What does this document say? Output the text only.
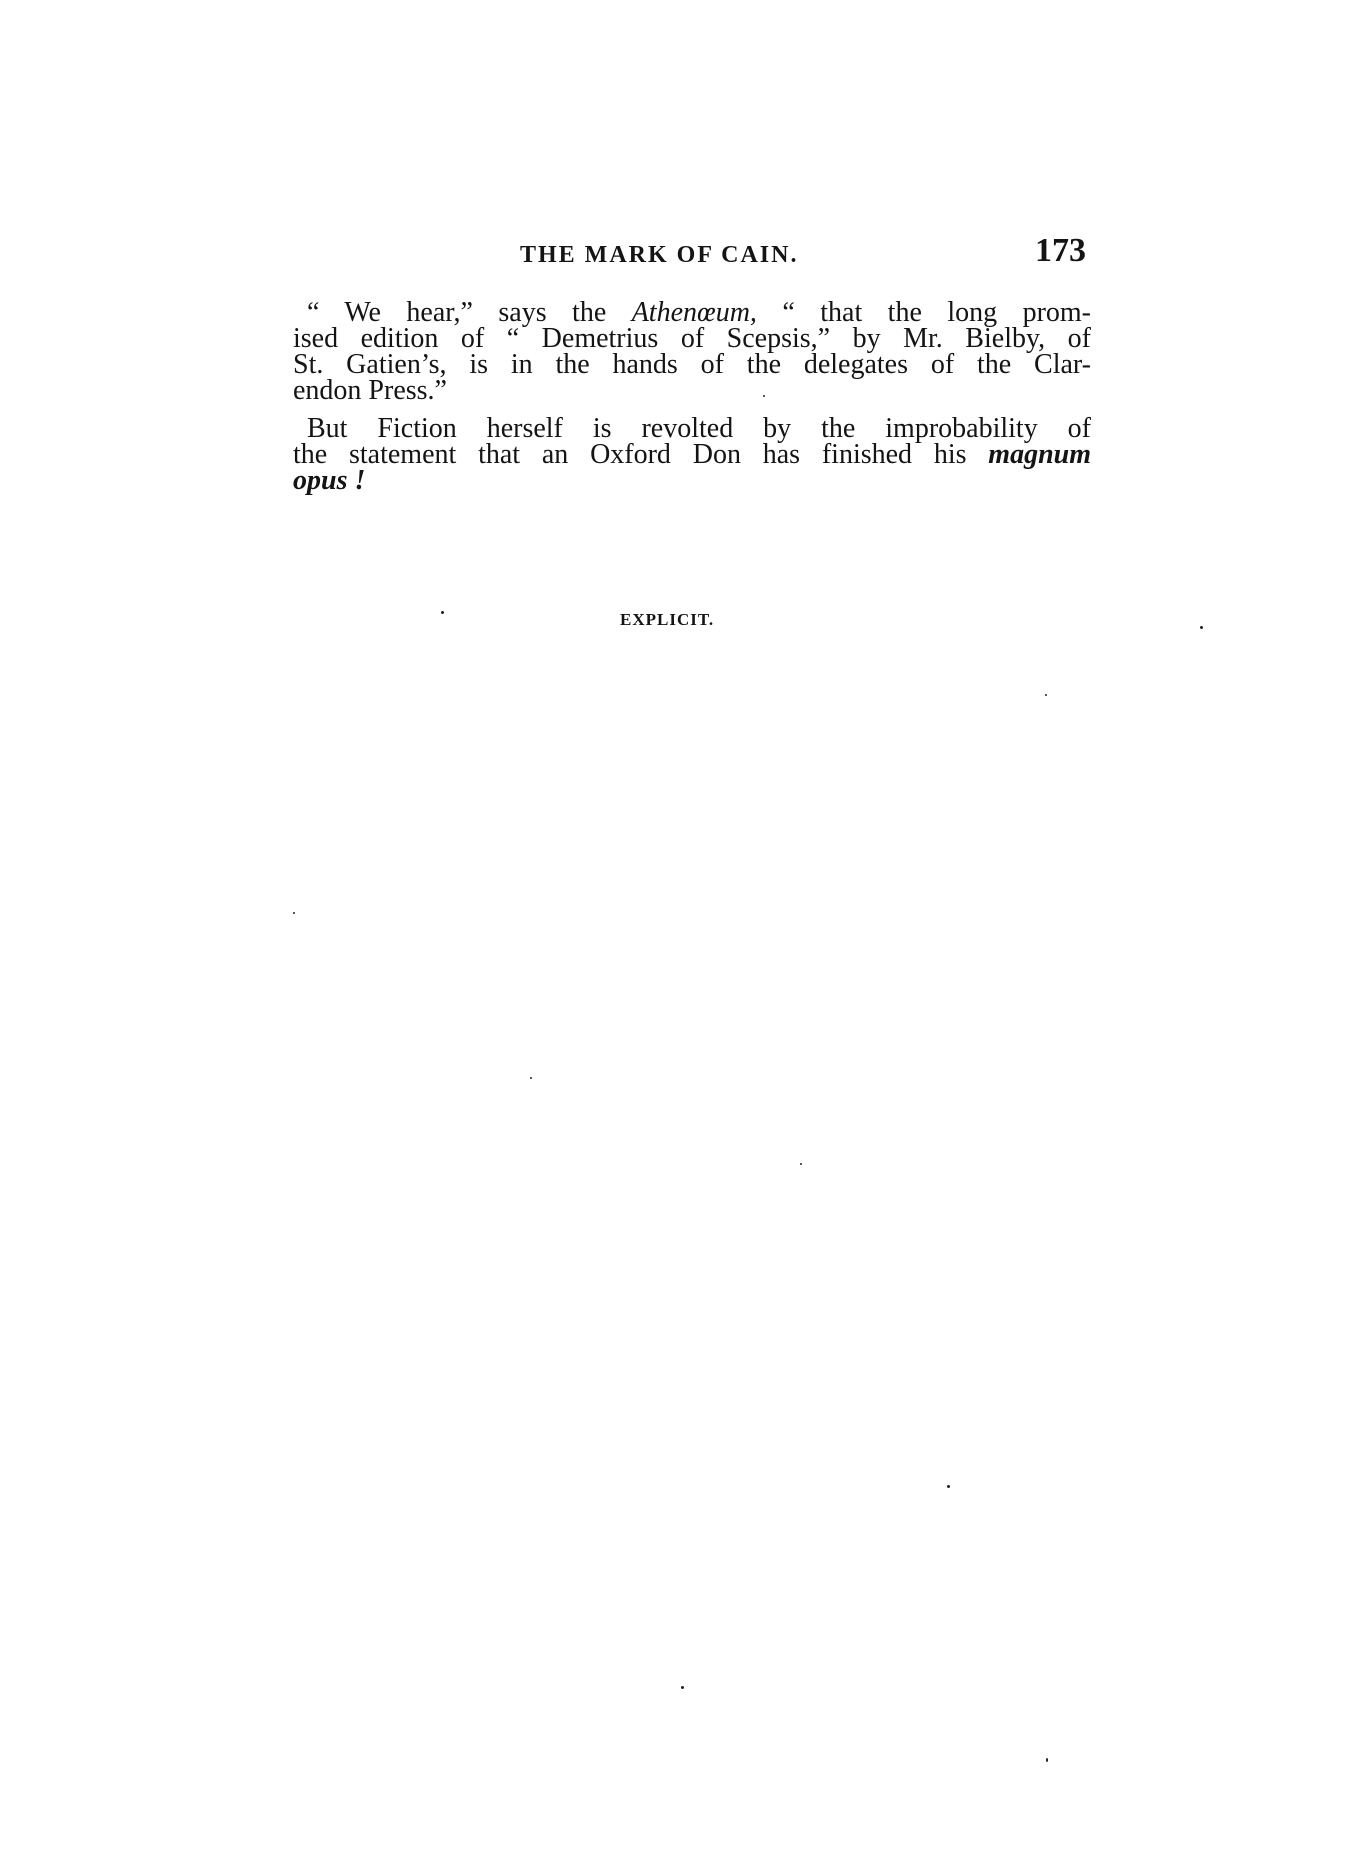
THE MARK OF CAIN.	173
“ We hear,” says the Athenœum, “ that the long prom-
ised edition of “ Demetrius of Scepsis,” by Mr. Bielby, of
St. Gatien’s, is in the hands of the delegates of the Clar-
endon Press.”
But Fiction herself is revolted by the improbability of
the statement that an Oxford Don has finished his magnum
opus !
EXPLICIT.
